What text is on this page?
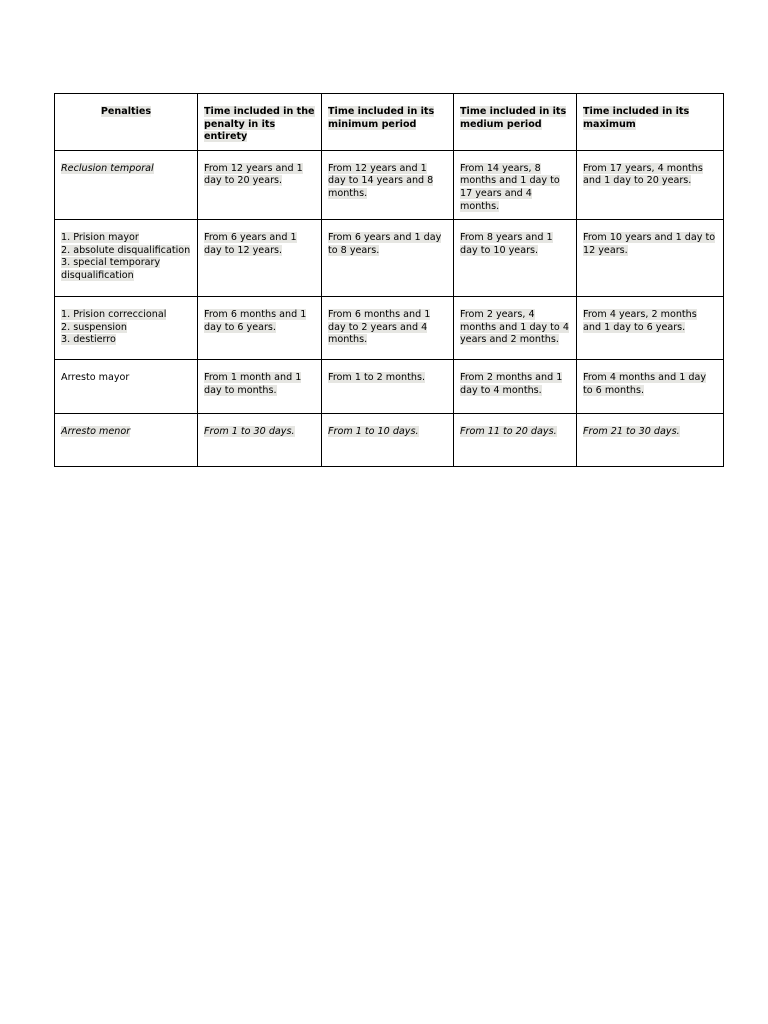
Penalties	Time included in the penalty in its entirety	Time included in its minimum period	Time included in its medium period	Time included in its maximum
Reclusion temporal	From 12 years and 1 day to 20 years.	From 12 years and 1 day to 14 years and 8 months.	From 14 years, 8 months and 1 day to 17 years and 4 months.	From 17 years, 4 months and 1 day to 20 years.

1. Prision mayor
2. absolute disqualification
3. special temporary disqualification	From 6 years and 1 day to 12 years.	From 6 years and 1 day to 8 years.	From 8 years and 1 day to 10 years.	From 10 years and 1 day to 12 years.

1. Prision correccional
2. suspension
3. destierro	From 6 months and 1 day to 6 years.	From 6 months and 1 day to 2 years and 4 months.	From 2 years, 4 months and 1 day to 4 years and 2 months.	From 4 years, 2 months and 1 day to 6 years.
Arresto mayor	From 1 month and 1 day to months.	From 1 to 2 months.	From 2 months and 1 day to 4 months.	From 4 months and 1 day to 6 months.
Arresto menor	From 1 to 30 days.	From 1 to 10 days.	From 11 to 20 days.	From 21 to 30 days.
